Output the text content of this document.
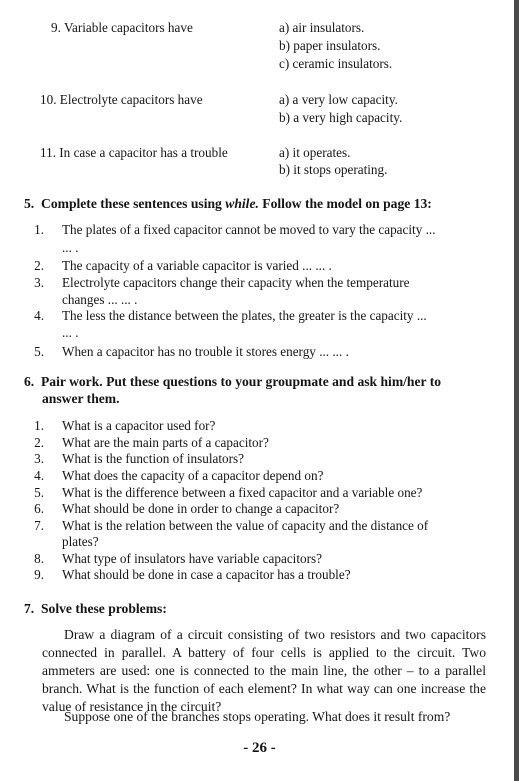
9. Variable capacitors have	a) air insulators.
b) paper insulators.
c) ceramic insulators.
10. Electrolyte capacitors have	a) a very low capacity.
b) a very high capacity.
11. In case a capacitor has a trouble	a) it operates.
b) it stops operating.
5. Complete these sentences using while. Follow the model on page 13:
1. The plates of a fixed capacitor cannot be moved to vary the capacity ...
... .
2. The capacity of a variable capacitor is varied ... ... .
3. Electrolyte capacitors change their capacity when the temperature
changes ... ... .
4. The less the distance between the plates, the greater is the capacity ...
... .
5. When a capacitor has no trouble it stores energy ... ... .
6. Pair work. Put these questions to your groupmate and ask him/her to
answer them.
1. What is a capacitor used for?
2. What are the main parts of a capacitor?
3. What is the function of insulators?
4. What does the capacity of a capacitor depend on?
5. What is the difference between a fixed capacitor and a variable one?
6. What should be done in order to change a capacitor?
7. What is the relation between the value of capacity and the distance of
plates?
8. What type of insulators have variable capacitors?
9. What should be done in case a capacitor has a trouble?
7. Solve these problems:
Draw a diagram of a circuit consisting of two resistors and two capacitors connected in parallel. A battery of four cells is applied to the circuit. Two ammeters are used: one is connected to the main line, the other – to a parallel branch. What is the function of each element? In what way can one increase the value of resistance in the circuit?
Suppose one of the branches stops operating. What does it result from?
- 26 -
